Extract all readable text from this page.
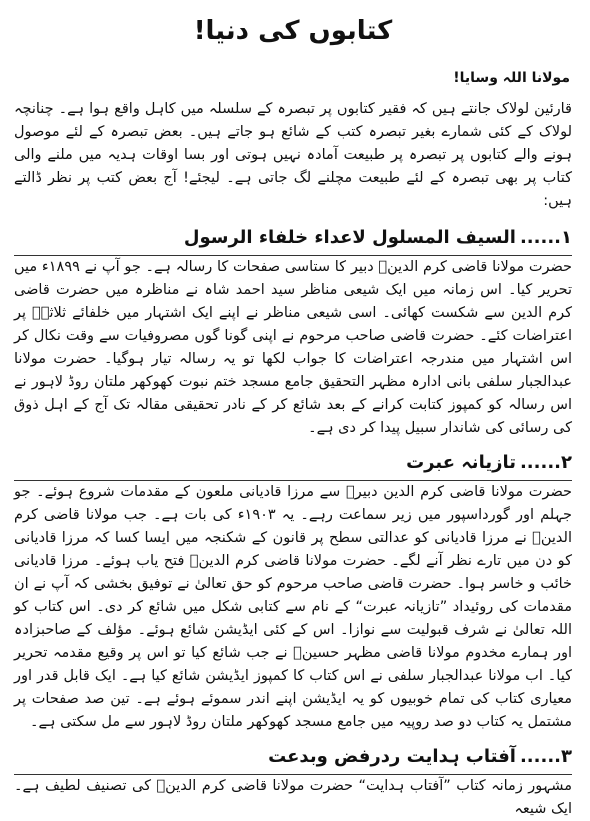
کتابوں کی دنیا!
مولانا اللہ وسایا!

قارئین لولاک جانتے ہیں کہ فقیر کتابوں پر تبصرہ کے سلسلہ میں کاہل واقع ہوا ہے۔ چنانچہ لولاک کے کئی شمارے بغیر تبصرہ کتب کے شائع ہو جاتے ہیں۔ بعض تبصرہ کے لئے موصول ہونے والے کتابوں پر تبصرہ پر طبیعت آمادہ نہیں ہوتی اور بسا اوقات ہدیہ میں ملنے والی کتاب پر بھی تبصرہ کے لئے طبیعت مچلنے لگ جاتی ہے۔ لیجئے! آج بعض کتب پر نظر ڈالتے ہیں:

۱......السیف المسلول لاعداء خلفاء الرسول

حضرت مولانا قاضی کرم الدینؒ دبیر کا ستاسی صفحات کا رسالہ ہے۔ جو آپ نے ۱۸۹۹ء میں تحریر کیا۔ اس زمانہ میں ایک شیعی مناظر سید احمد شاہ نے مناظرہ میں حضرت قاضی کرم الدین سے شکست کھائی۔ اسی شیعی مناظر نے اپنے ایک اشتہار میں خلفائے ثلاثہؓ پر اعتراضات کئے۔ حضرت قاضی صاحب مرحوم نے اپنی گونا گوں مصروفیات سے وقت نکال کر اس اشتہار میں مندرجہ اعتراضات کا جواب لکھا تو یہ رسالہ تیار ہوگیا۔ حضرت مولانا عبدالجبار سلفی بانی ادارہ مظہر التحقیق جامع مسجد ختم نبوت کھوکھر ملتان روڈ لاہور نے اس رسالہ کو کمپوز کتابت کرانے کے بعد شائع کر کے نادر تحقیقی مقالہ تک آج کے اہل ذوق کی رسائی کی شاندار سبیل پیدا کر دی ہے۔

۲......تازیانہ عبرت

حضرت مولانا قاضی کرم الدین دبیرؒ سے مرزا قادیانی ملعون کے مقدمات شروع ہوئے۔ جو جہلم اور گورداسپور میں زیر سماعت رہے۔ یہ ۱۹۰۳ء کی بات ہے۔ جب مولانا قاضی کرم الدینؒ نے مرزا قادیانی کو عدالتی سطح پر قانون کے شکنجہ میں ایسا کسا کہ مرزا قادیانی کو دن میں تارے نظر آنے لگے۔ حضرت مولانا قاضی کرم الدینؒ فتح یاب ہوئے۔ مرزا قادیانی خائب و خاسر ہوا۔ حضرت قاضی صاحب مرحوم کو حق تعالیٰ نے توفیق بخشی کہ آپ نے ان مقدمات کی روئیداد ”تازیانہ عبرت“ کے نام سے کتابی شکل میں شائع کر دی۔ اس کتاب کو اللہ تعالیٰ نے شرف قبولیت سے نوازا۔ اس کے کئی ایڈیشن شائع ہوئے۔ مؤلف کے صاحبزادہ اور ہمارے مخدوم مولانا قاضی مظہر حسینؒ نے جب شائع کیا تو اس پر وقیع مقدمہ تحریر کیا۔ اب مولانا عبدالجبار سلفی نے اس کتاب کا کمپوز ایڈیشن شائع کیا ہے۔ ایک قابل قدر اور معیاری کتاب کی تمام خوبیوں کو یہ ایڈیشن اپنے اندر سموئے ہوئے ہے۔ تین صد صفحات پر مشتمل یہ کتاب دو صد روپیہ میں جامع مسجد کھوکھر ملتان روڈ لاہور سے مل سکتی ہے۔

۳......آفتاب ہدایت ردرفض وبدعت

مشہور زمانہ کتاب ”آفتاب ہدایت“ حضرت مولانا قاضی کرم الدینؒ کی تصنیف لطیف ہے۔ ایک شیعہ
